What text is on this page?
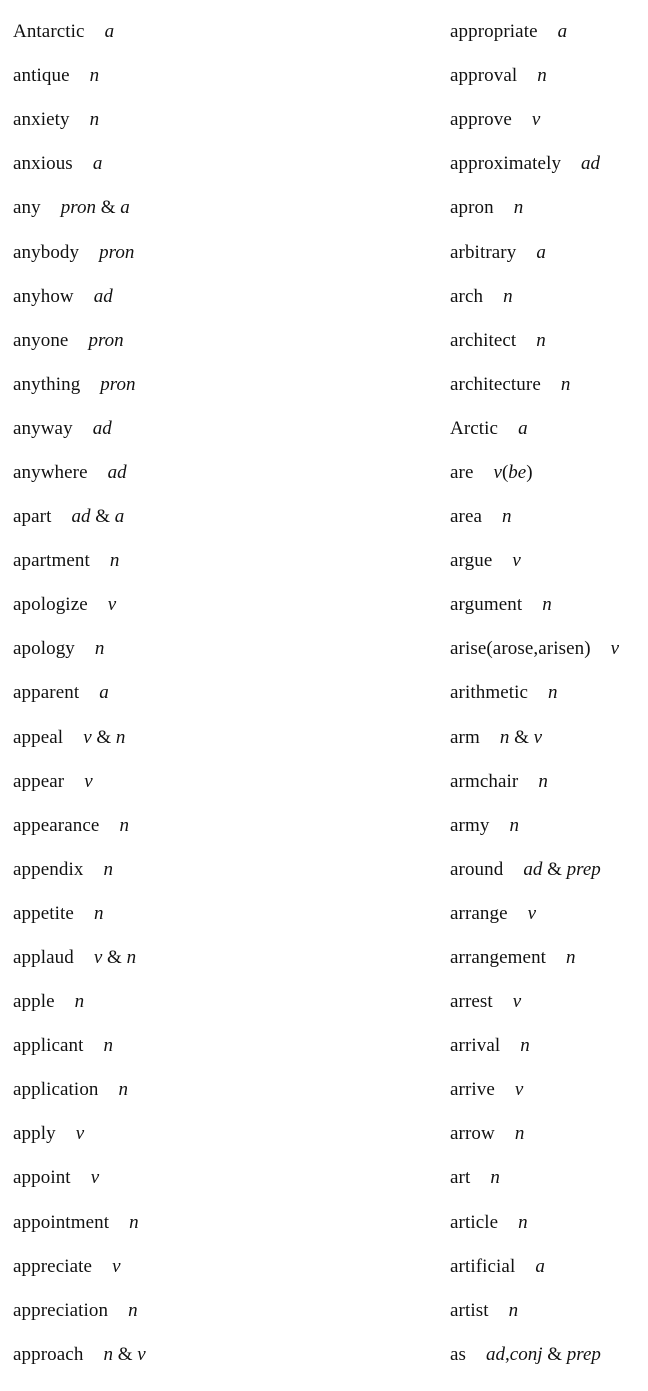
Antarctic a
antique n
anxiety n
anxious a
any pron & a
anybody pron
anyhow ad
anyone pron
anything pron
anyway ad
anywhere ad
apart ad & a
apartment n
apologize v
apology n
apparent a
appeal v & n
appear v
appearance n
appendix n
appetite n
applaud v & n
apple n
applicant n
application n
apply v
appoint v
appointment n
appreciate v
appreciation n
approach n & v
appropriate a
approval n
approve v
approximately ad
apron n
arbitrary a
arch n
architect n
architecture n
Arctic a
are v(be)
area n
argue v
argument n
arise(arose,arisen) v
arithmetic n
arm n & v
armchair n
army n
around ad & prep
arrange v
arrangement n
arrest v
arrival n
arrive v
arrow n
art n
article n
artificial a
artist n
as ad,conj & prep
